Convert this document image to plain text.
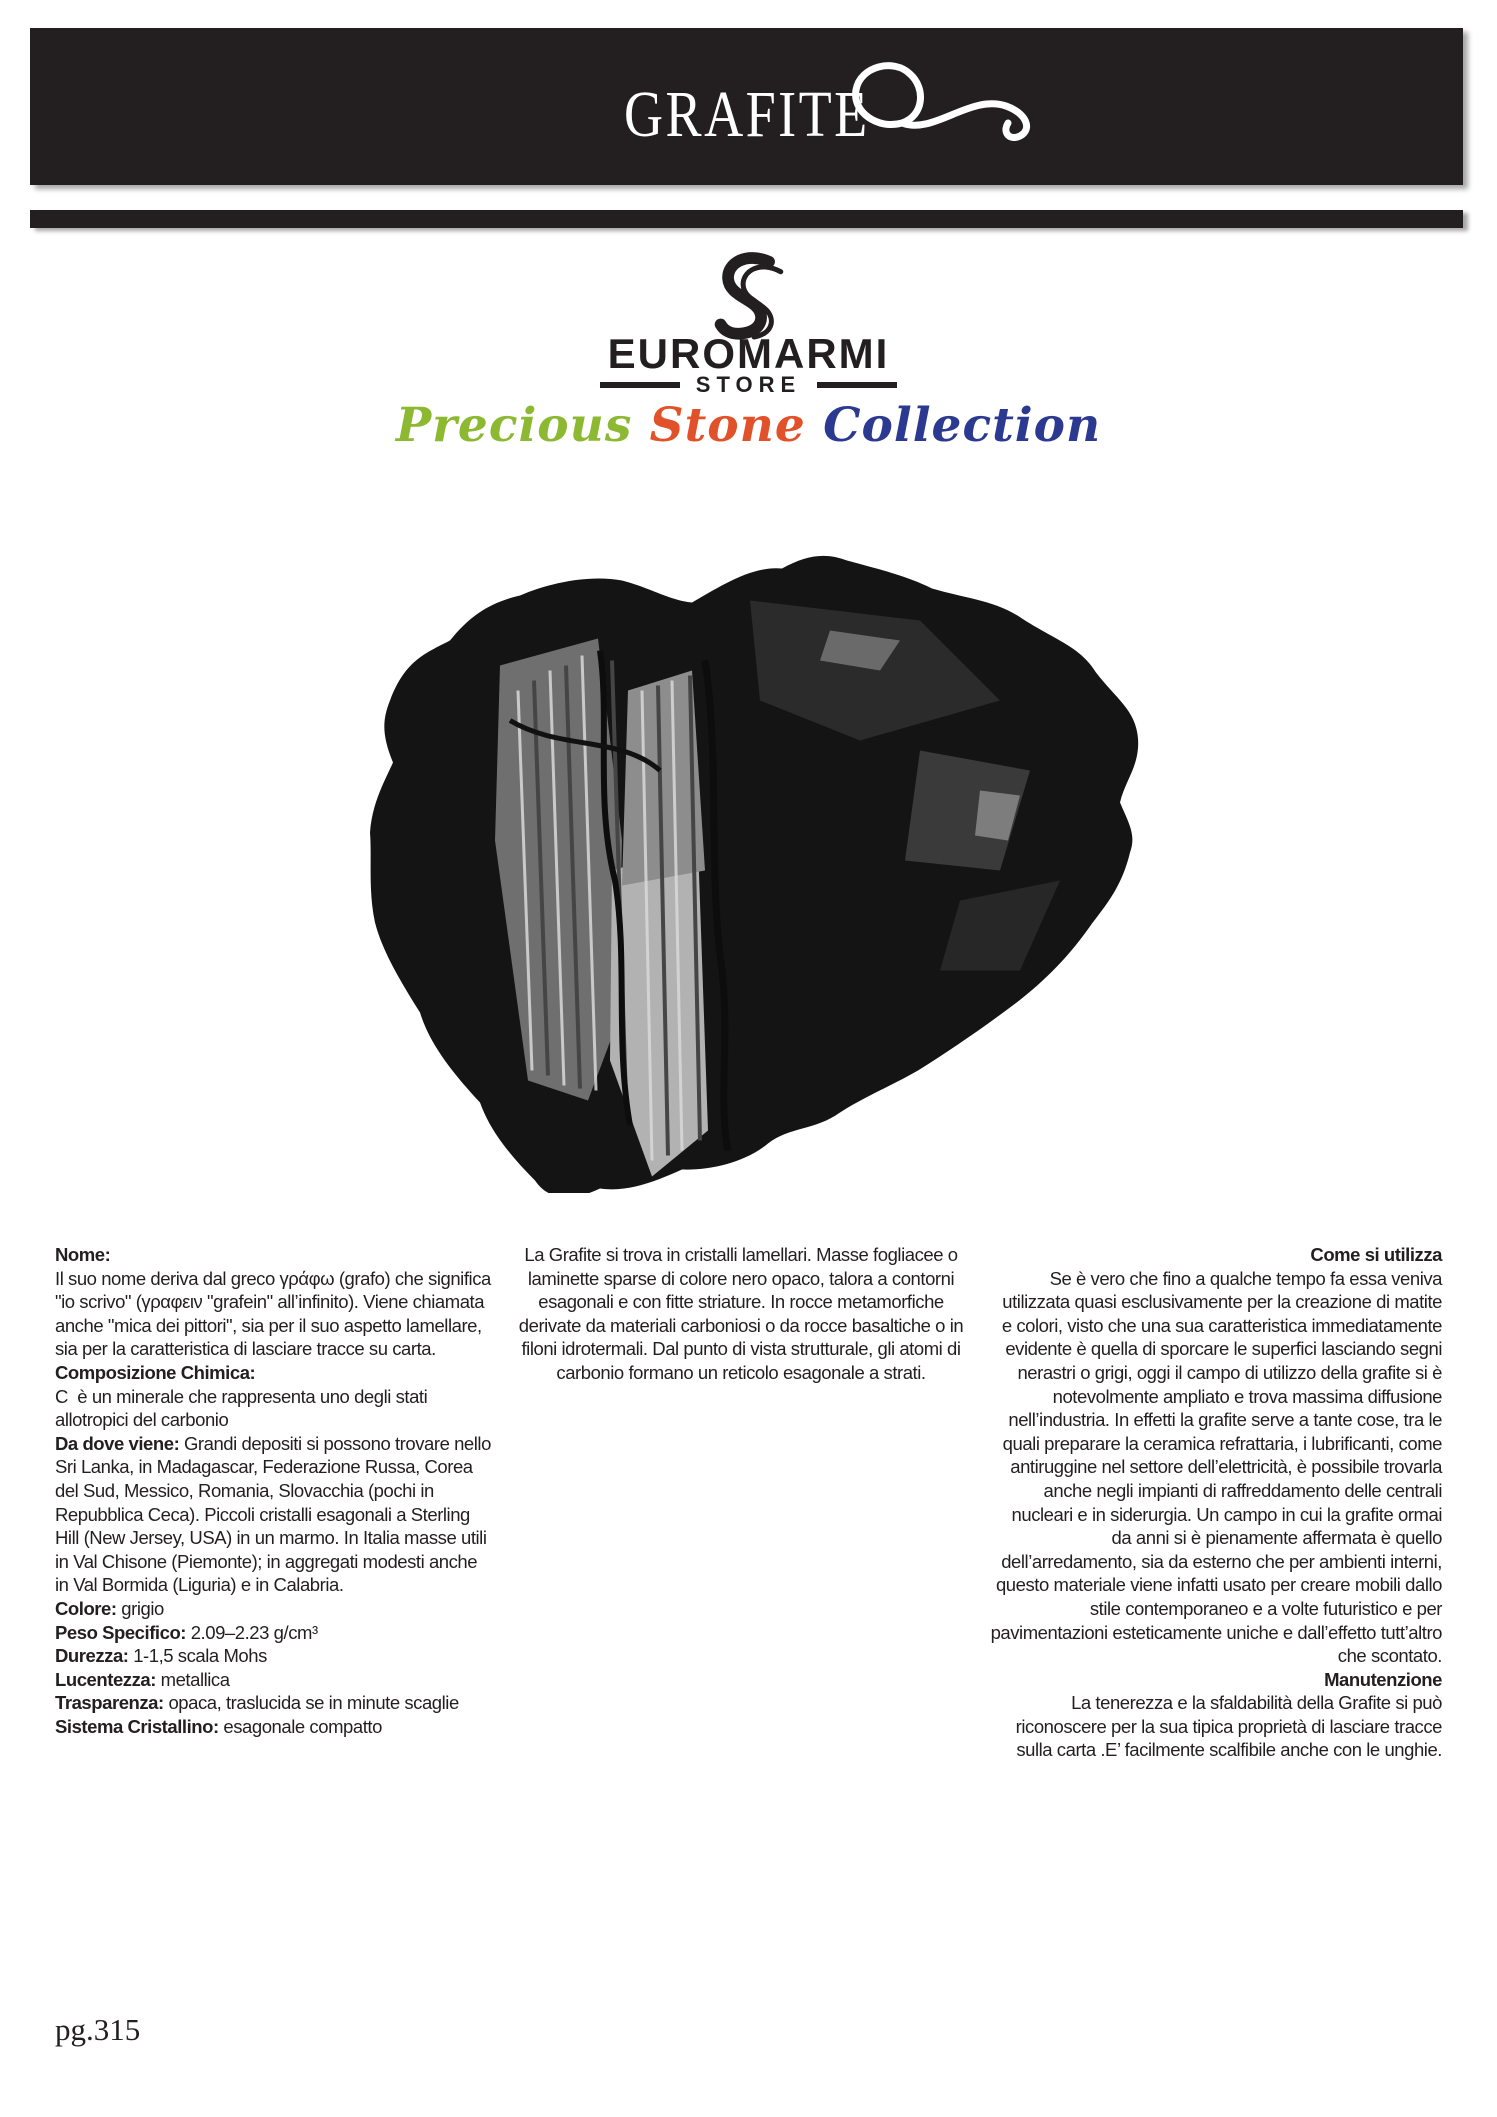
GRAFITE
EUROMARMI
STORE
Precious Stone Collection

Nome:

Il suo nome deriva dal greco γράφω (grafo) che significa "io scrivo" (γραφειν "grafein" all’infinito). Viene chiamata anche "mica dei pittori", sia per il suo aspetto lamellare, sia per la caratteristica di lasciare tracce su carta.

Composizione Chimica:

C  è un minerale che rappresenta uno degli stati allotropici del carbonio

Da dove viene: Grandi depositi si possono trovare nello Sri Lanka, in Madagascar, Federazione Russa, Corea del Sud, Messico, Romania, Slovacchia (pochi in Repubblica Ceca). Piccoli cristalli esagonali a Sterling Hill (New Jersey, USA) in un marmo. In Italia masse utili in Val Chisone (Piemonte); in aggregati modesti anche in Val Bormida (Liguria) e in Calabria.

Colore: grigio

Peso Specifico: 2.09–2.23 g/cm³

Durezza: 1-1,5 scala Mohs

Lucentezza: metallica

Trasparenza: opaca, traslucida se in minute scaglie

Sistema Cristallino: esagonale compatto

La Grafite si trova in cristalli lamellari. Masse fogliacee o laminette sparse di colore nero opaco, talora a contorni esagonali e con fitte striature. In rocce metamorfiche derivate da materiali carboniosi o da rocce basaltiche o in filoni idrotermali. Dal punto di vista strutturale, gli atomi di carbonio formano un reticolo esagonale a strati.

Come si utilizza

Se è vero che fino a qualche tempo fa essa veniva utilizzata quasi esclusivamente per la creazione di matite e colori, visto che una sua caratteristica immediatamente evidente è quella di sporcare le superfici lasciando segni nerastri o grigi, oggi il campo di utilizzo della grafite si è notevolmente ampliato e trova massima diffusione nell’industria. In effetti la grafite serve a tante cose, tra le quali preparare la ceramica refrattaria, i lubrificanti, come antiruggine nel settore dell’elettricità, è possibile trovarla anche negli impianti di raffreddamento delle centrali nucleari e in siderurgia. Un campo in cui la grafite ormai da anni si è pienamente affermata è quello dell’arredamento, sia da esterno che per ambienti interni, questo materiale viene infatti usato per creare mobili dallo stile contemporaneo e a volte futuristico e per pavimentazioni esteticamente uniche e dall’effetto tutt’altro che scontato.

Manutenzione

La tenerezza e la sfaldabilità della Grafite si può riconoscere per la sua tipica proprietà di lasciare tracce sulla carta .E’ facilmente scalfibile anche con le unghie.

pg.315
